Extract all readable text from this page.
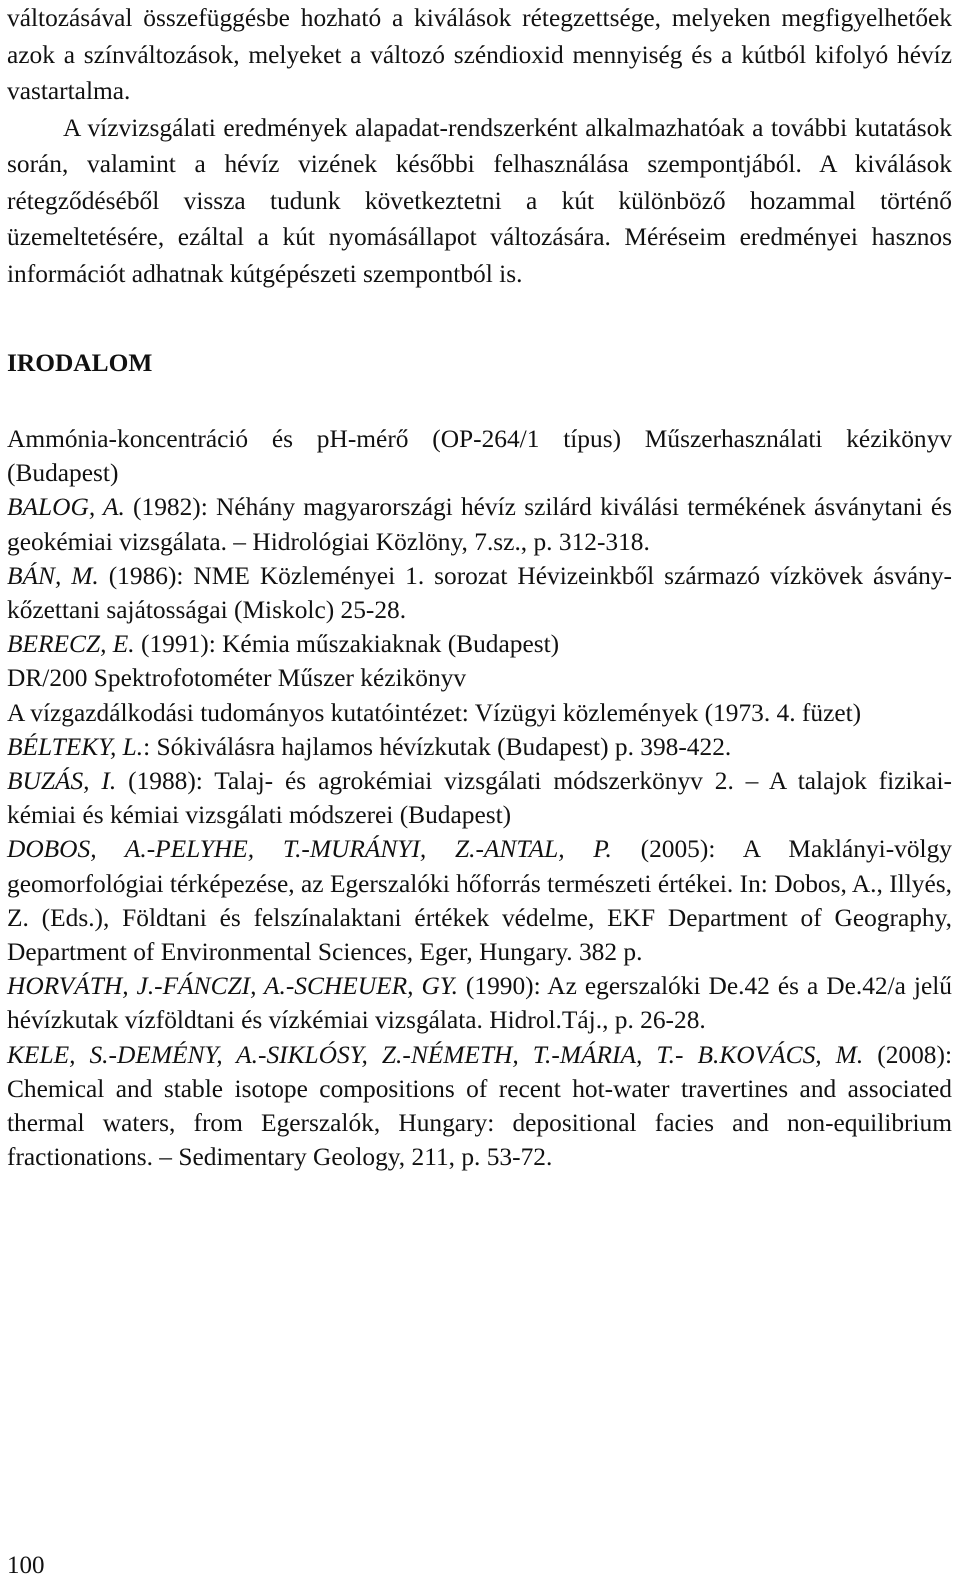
változásával összefüggésbe hozható a kiválások rétegzettsége, melyeken megfigyelhetőek azok a színváltozások, melyeket a változó széndioxid mennyiség és a kútból kifolyó hévíz vastartalma.

A vízvizsgálati eredmények alapadat-rendszerként alkalmazhatóak a további kutatások során, valamint a hévíz vizének későbbi felhasználása szempontjából. A kiválások rétegződéséből vissza tudunk következtetni a kút különböző hozammal történő üzemeltetésére, ezáltal a kút nyomásállapot változására. Méréseim eredményei hasznos információt adhatnak kútgépészeti szempontból is.

IRODALOM

Ammónia-koncentráció és pH-mérő (OP-264/1 típus) Műszerhasználati kézikönyv (Budapest)

BALOG, A. (1982): Néhány magyarországi hévíz szilárd kiválási termékének ásványtani és geokémiai vizsgálata. – Hidrológiai Közlöny, 7.sz., p. 312-318.

BÁN, M. (1986): NME Közleményei 1. sorozat Hévizeinkből származó vízkövek ásvány-kőzettani sajátosságai (Miskolc) 25-28.

BERECZ, E. (1991): Kémia műszakiaknak (Budapest)

DR/200 Spektrofotométer Műszer kézikönyv

A vízgazdálkodási tudományos kutatóintézet: Vízügyi közlemények (1973. 4. füzet)

BÉLTEKY, L.: Sókiválásra hajlamos hévízkutak (Budapest) p. 398-422.

BUZÁS, I. (1988): Talaj- és agrokémiai vizsgálati módszerkönyv 2. – A talajok fizikai-kémiai és kémiai vizsgálati módszerei (Budapest)

DOBOS, A.-PELYHE, T.-MURÁNYI, Z.-ANTAL, P. (2005): A Maklányi-völgy geomorfológiai térképezése, az Egerszalóki hőforrás természeti értékei. In: Dobos, A., Illyés, Z. (Eds.), Földtani és felszínalaktani értékek védelme, EKF Department of Geography, Department of Environmental Sciences, Eger, Hungary. 382 p.

HORVÁTH, J.-FÁNCZI, A.-SCHEUER, GY. (1990): Az egerszalóki De.42 és a De.42/a jelű hévízkutak vízföldtani és vízkémiai vizsgálata. Hidrol.Táj., p. 26-28.

KELE, S.-DEMÉNY, A.-SIKLÓSY, Z.-NÉMETH, T.-MÁRIA, T.- B.KOVÁCS, M. (2008): Chemical and stable isotope compositions of recent hot-water travertines and associated thermal waters, from Egerszalók, Hungary: depositional facies and non-equilibrium fractionations. – Sedimentary Geology, 211, p. 53-72.

100
